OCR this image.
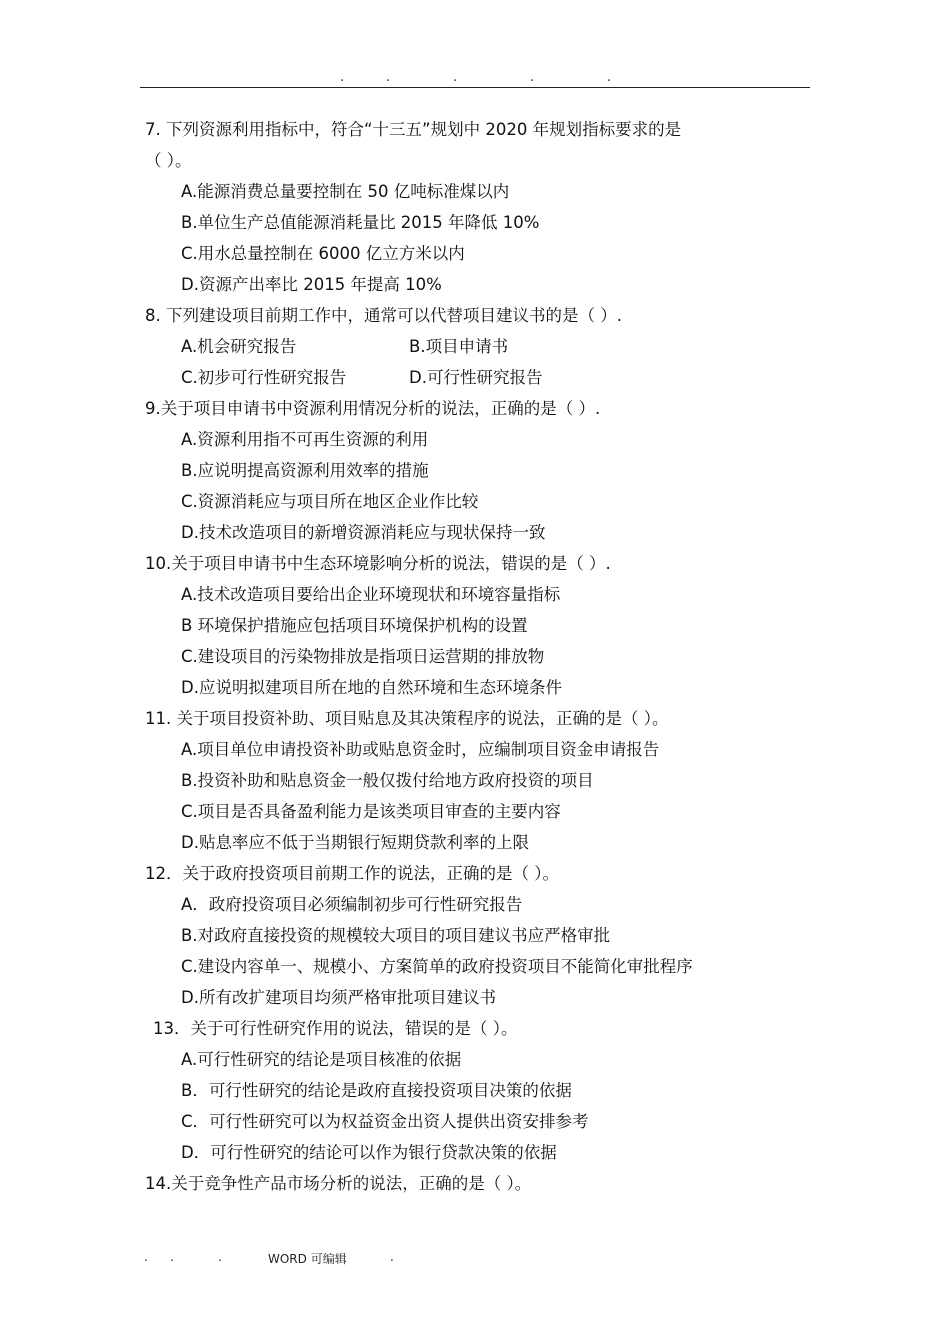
.	.	.	.	.
7. 下列资源利用指标中，符合“十三五”规划中 2020 年规划指标要求的是
（ ）。
A.能源消费总量要控制在 50 亿吨标准煤以内
B.单位生产总值能源消耗量比 2015 年降低 10%
C.用水总量控制在 6000 亿立方米以内
D.资源产出率比 2015 年提高 10%
8. 下列建设项目前期工作中，通常可以代替项目建议书的是（ ）.
A.机会研究报告	B.项目申请书
C.初步可行性研究报告	D.可行性研究报告
9.关于项目申请书中资源利用情况分析的说法，正确的是（ ）.
A.资源利用指不可再生资源的利用
B.应说明提高资源利用效率的措施
C.资源消耗应与项目所在地区企业作比较
D.技术改造项目的新增资源消耗应与现状保持一致
10.关于项目申请书中生态环境影响分析的说法，错误的是（ ）.
A.技术改造项目要给出企业环境现状和环境容量指标
B 环境保护措施应包括项目环境保护机构的设置
C.建设项目的污染物排放是指项日运营期的排放物
D.应说明拟建项目所在地的自然环境和生态环境条件
11. 关于项目投资补助、项目贴息及其决策程序的说法，正确的是（ ）。
A.项目单位申请投资补助或贴息资金时，应编制项目资金申请报告
B.投资补助和贴息资金一般仅拨付给地方政府投资的项目
C.项目是否具备盈利能力是该类项目审查的主要内容
D.贴息率应不低于当期银行短期贷款利率的上限
12．关于政府投资项目前期工作的说法，正确的是（ ）。
A．政府投资项目必须编制初步可行性研究报告
B.对政府直接投资的规模较大项目的项目建议书应严格审批
C.建设内容单一、规模小、方案简单的政府投资项目不能简化审批程序
D.所有改扩建项目均须严格审批项目建议书
13．关于可行性研究作用的说法，错误的是（ ）。
A.可行性研究的结论是项目核准的依据
B．可行性研究的结论是政府直接投资项目决策的依据
C．可行性研究可以为权益资金出资人提供出资安排参考
D．可行性研究的结论可以作为银行贷款决策的依据
14.关于竞争性产品市场分析的说法，正确的是（ ）。
. .	.	WORD 可编辑	.
